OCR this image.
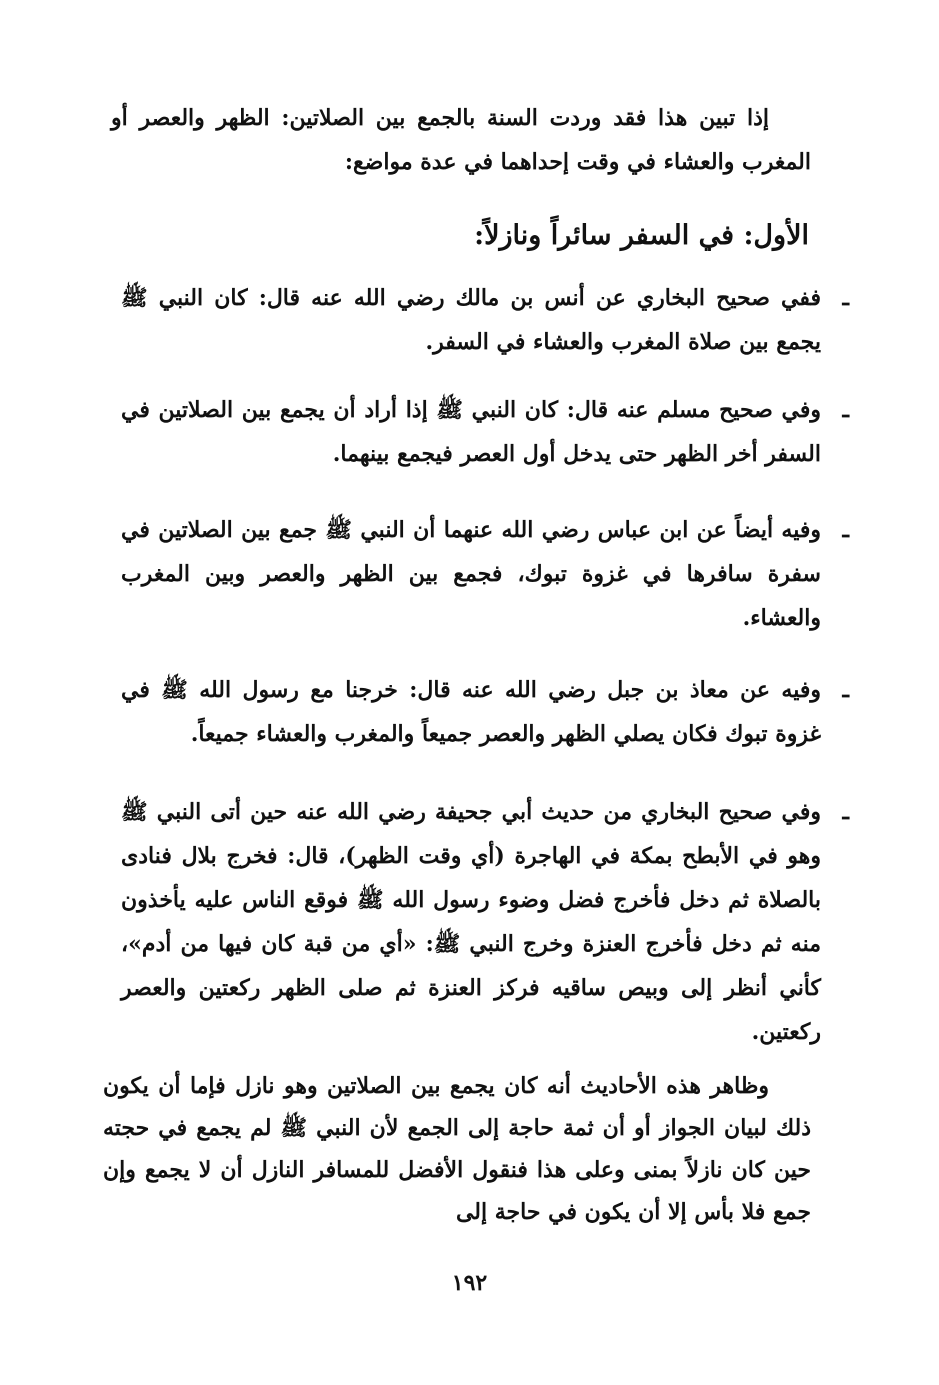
إذا تبين هذا فقد وردت السنة بالجمع بين الصلاتين: الظهر والعصر أو المغرب والعشاء في وقت إحداهما في عدة مواضع:

الأول: في السفر سائراً ونازلاً:
ـ
ففي صحيح البخاري عن أنس بن مالك رضي الله عنه قال: كان النبي ﷺ يجمع بين صلاة المغرب والعشاء في السفر.
ـ
وفي صحيح مسلم عنه قال: كان النبي ﷺ إذا أراد أن يجمع بين الصلاتين في السفر أخر الظهر حتى يدخل أول العصر فيجمع بينهما.
ـ
وفيه أيضاً عن ابن عباس رضي الله عنهما أن النبي ﷺ جمع بين الصلاتين في سفرة سافرها في غزوة تبوك، فجمع بين الظهر والعصر وبين المغرب والعشاء.
ـ
وفيه عن معاذ بن جبل رضي الله عنه قال: خرجنا مع رسول الله ﷺ في غزوة تبوك فكان يصلي الظهر والعصر جميعاً والمغرب والعشاء جميعاً.
ـ
وفي صحيح البخاري من حديث أبي جحيفة رضي الله عنه حين أتى النبي ﷺ وهو في الأبطح بمكة في الهاجرة (أي وقت الظهر)، قال: فخرج بلال فنادى بالصلاة ثم دخل فأخرج فضل وضوء رسول الله ﷺ فوقع الناس عليه يأخذون منه ثم دخل فأخرج العنزة وخرج النبي ﷺ: «أي من قبة كان فيها من أدم»، كأني أنظر إلى وبيص ساقيه فركز العنزة ثم صلى الظهر ركعتين والعصر ركعتين.

وظاهر هذه الأحاديث أنه كان يجمع بين الصلاتين وهو نازل فإما أن يكون ذلك لبيان الجواز أو أن ثمة حاجة إلى الجمع لأن النبي ﷺ لم يجمع في حجته حين كان نازلاً بمنى وعلى هذا فنقول الأفضل للمسافر النازل أن لا يجمع وإن جمع فلا بأس إلا أن يكون في حاجة إلى

١٩٢
